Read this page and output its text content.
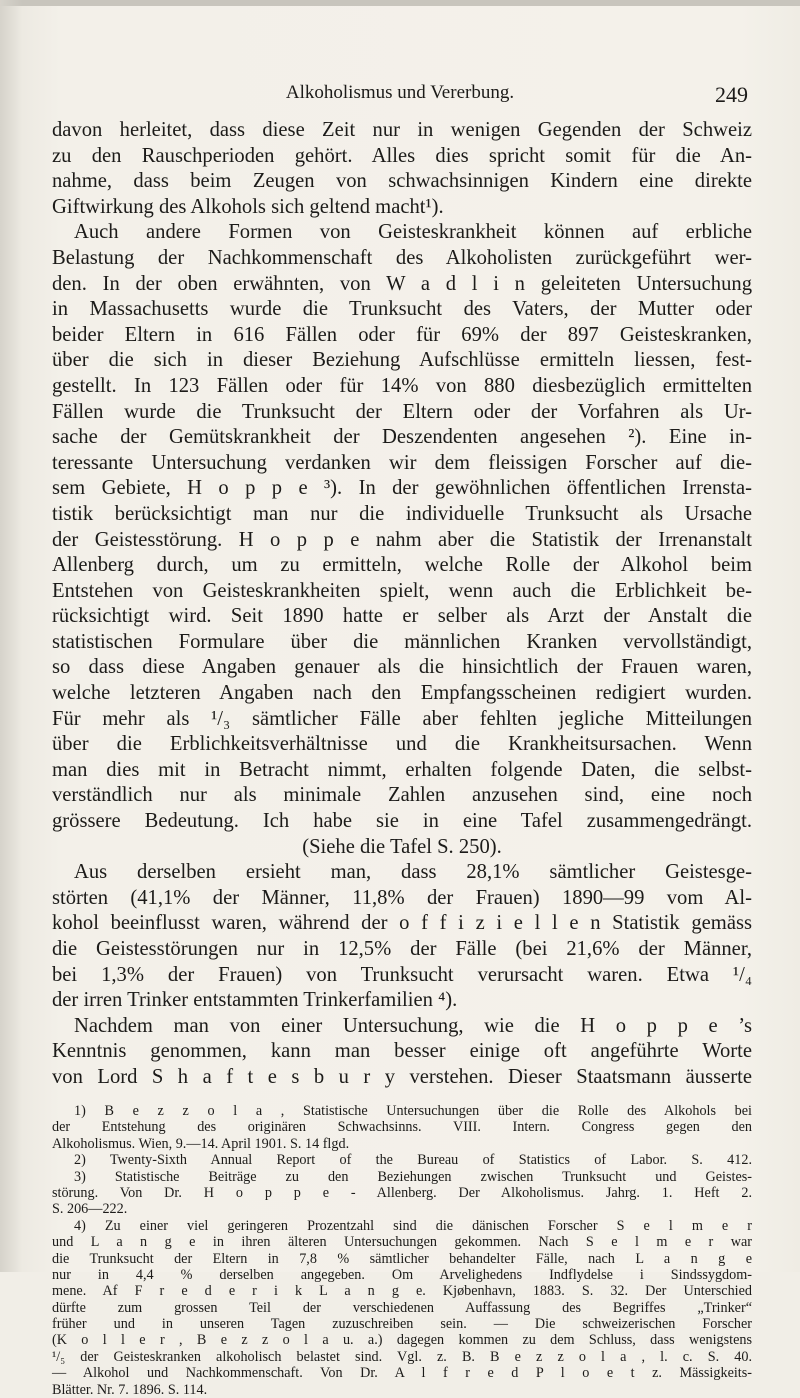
Alkoholismus und Vererbung.	249
davon herleitet, dass diese Zeit nur in wenigen Gegenden der Schweiz
zu den Rauschperioden gehört. Alles dies spricht somit für die An-
nahme, dass beim Zeugen von schwachsinnigen Kindern eine direkte
Giftwirkung des Alkohols sich geltend macht¹).
Auch andere Formen von Geisteskrankheit können auf erbliche
Belastung der Nachkommenschaft des Alkoholisten zurückgeführt wer-
den. In der oben erwähnten, von W a d l i n geleiteten Untersuchung
in Massachusetts wurde die Trunksucht des Vaters, der Mutter oder
beider Eltern in 616 Fällen oder für 69% der 897 Geisteskranken,
über die sich in dieser Beziehung Aufschlüsse ermitteln liessen, fest-
gestellt. In 123 Fällen oder für 14% von 880 diesbezüglich ermittelten
Fällen wurde die Trunksucht der Eltern oder der Vorfahren als Ur-
sache der Gemütskrankheit der Deszendenten angesehen ²). Eine in-
teressante Untersuchung verdanken wir dem fleissigen Forscher auf die-
sem Gebiete, H o p p e ³). In der gewöhnlichen öffentlichen Irrensta-
tistik berücksichtigt man nur die individuelle Trunksucht als Ursache
der Geistesstörung. H o p p e nahm aber die Statistik der Irrenanstalt
Allenberg durch, um zu ermitteln, welche Rolle der Alkohol beim
Entstehen von Geisteskrankheiten spielt, wenn auch die Erblichkeit be-
rücksichtigt wird. Seit 1890 hatte er selber als Arzt der Anstalt die
statistischen Formulare über die männlichen Kranken vervollständigt,
so dass diese Angaben genauer als die hinsichtlich der Frauen waren,
welche letzteren Angaben nach den Empfangsscheinen redigiert wurden.
Für mehr als ¹/₃ sämtlicher Fälle aber fehlten jegliche Mitteilungen
über die Erblichkeitsverhältnisse und die Krankheitsursachen. Wenn
man dies mit in Betracht nimmt, erhalten folgende Daten, die selbst-
verständlich nur als minimale Zahlen anzusehen sind, eine noch
grössere Bedeutung. Ich habe sie in eine Tafel zusammengedrängt.
(Siehe die Tafel S. 250).
Aus derselben ersieht man, dass 28,1% sämtlicher Geistesge-
störten (41,1% der Männer, 11,8% der Frauen) 1890—99 vom Al-
kohol beeinflusst waren, während der o f f i z i e l l e n Statistik gemäss
die Geistesstörungen nur in 12,5% der Fälle (bei 21,6% der Männer,
bei 1,3% der Frauen) von Trunksucht verursacht waren. Etwa ¹/₄
der irren Trinker entstammten Trinkerfamilien ⁴).
Nachdem man von einer Untersuchung, wie die H o p p e ’s
Kenntnis genommen, kann man besser einige oft angeführte Worte
von Lord S h a f t e s b u r y verstehen. Dieser Staatsmann äusserte
1) B e z z o l a , Statistische Untersuchungen über die Rolle des Alkohols bei
der Entstehung des originären Schwachsinns. VIII. Intern. Congress gegen den
Alkoholismus. Wien, 9.—14. April 1901. S. 14 flgd.
2) Twenty-Sixth Annual Report of the Bureau of Statistics of Labor. S. 412.
3) Statistische Beiträge zu den Beziehungen zwischen Trunksucht und Geistes-
störung. Von Dr. H o p p e - Allenberg. Der Alkoholismus. Jahrg. 1. Heft 2.
S. 206—222.
4) Zu einer viel geringeren Prozentzahl sind die dänischen Forscher S e l m e r
und L a n g e in ihren älteren Untersuchungen gekommen. Nach S e l m e r war
die Trunksucht der Eltern in 7,8 % sämtlicher behandelter Fälle, nach L a n g e
nur in 4,4 % derselben angegeben. Om Arvelighedens Indflydelse i Sindssygdom-
mene. Af F r e d e r i k L a n g e. Kjøbenhavn, 1883. S. 32. Der Unterschied
dürfte zum grossen Teil der verschiedenen Auffassung des Begriffes „Trinker“
früher und in unseren Tagen zuzuschreiben sein. — Die schweizerischen Forscher
(K o l l e r , B e z z o l a u. a.) dagegen kommen zu dem Schluss, dass wenigstens
¹/₅ der Geisteskranken alkoholisch belastet sind. Vgl. z. B. B e z z o l a , l. c. S. 40.
— Alkohol und Nachkommenschaft. Von Dr. A l f r e d P l o e t z. Mässigkeits-
Blätter. Nr. 7. 1896. S. 114.
